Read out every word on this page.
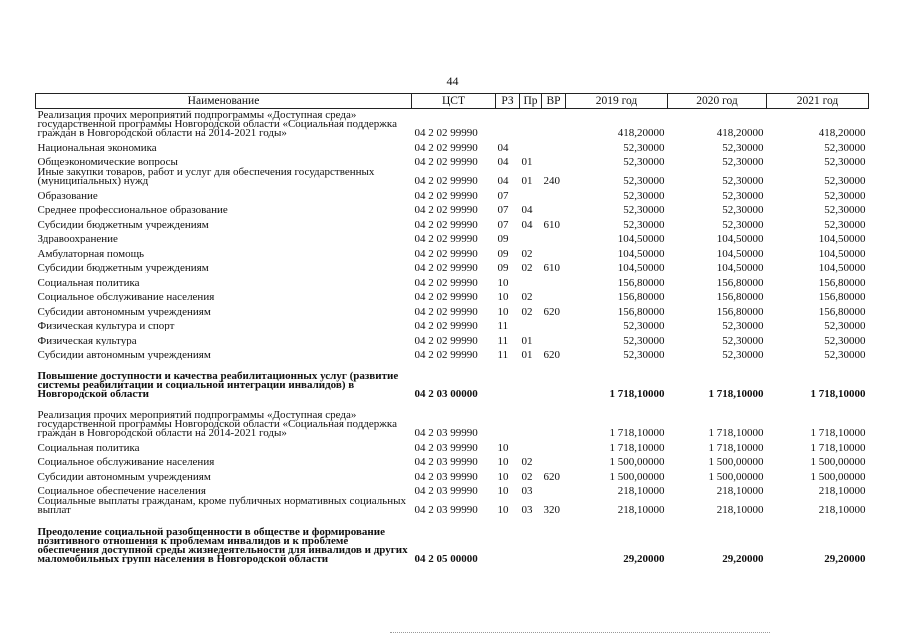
44
Наименование	ЦСТ	РЗ	Пр	ВР	2019 год	2020 год	2021 год
Реализация прочих мероприятий подпрограммы «Доступная среда» государственной программы Новгородской области «Социальная поддержка граждан в Новгородской области на 2014-2021 годы»	04 2 02 99990				418,20000	418,20000	418,20000
Национальная экономика	04 2 02 99990	04			52,30000	52,30000	52,30000
Общеэкономические вопросы	04 2 02 99990	04	01		52,30000	52,30000	52,30000
Иные закупки товаров, работ и услуг для обеспечения государственных (муниципальных) нужд	04 2 02 99990	04	01	240	52,30000	52,30000	52,30000
Образование	04 2 02 99990	07			52,30000	52,30000	52,30000
Среднее профессиональное образование	04 2 02 99990	07	04		52,30000	52,30000	52,30000
Субсидии бюджетным учреждениям	04 2 02 99990	07	04	610	52,30000	52,30000	52,30000
Здравоохранение	04 2 02 99990	09			104,50000	104,50000	104,50000
Амбулаторная помощь	04 2 02 99990	09	02		104,50000	104,50000	104,50000
Субсидии бюджетным учреждениям	04 2 02 99990	09	02	610	104,50000	104,50000	104,50000
Социальная политика	04 2 02 99990	10			156,80000	156,80000	156,80000
Социальное обслуживание населения	04 2 02 99990	10	02		156,80000	156,80000	156,80000
Субсидии автономным учреждениям	04 2 02 99990	10	02	620	156,80000	156,80000	156,80000
Физическая культура и спорт	04 2 02 99990	11			52,30000	52,30000	52,30000
Физическая культура	04 2 02 99990	11	01		52,30000	52,30000	52,30000
Субсидии автономным учреждениям	04 2 02 99990	11	01	620	52,30000	52,30000	52,30000
Повышение доступности и качества реабилитационных услуг (развитие системы реабилитации и социальной интеграции инвалидов) в Новгородской области	04 2 03 00000				1 718,10000	1 718,10000	1 718,10000
Реализация прочих мероприятий подпрограммы «Доступная среда» государственной программы Новгородской области «Социальная поддержка граждан в Новгородской области на 2014-2021 годы»	04 2 03 99990				1 718,10000	1 718,10000	1 718,10000
Социальная политика	04 2 03 99990	10			1 718,10000	1 718,10000	1 718,10000
Социальное обслуживание населения	04 2 03 99990	10	02		1 500,00000	1 500,00000	1 500,00000
Субсидии автономным учреждениям	04 2 03 99990	10	02	620	1 500,00000	1 500,00000	1 500,00000
Социальное обеспечение населения	04 2 03 99990	10	03		218,10000	218,10000	218,10000
Социальные выплаты гражданам, кроме публичных нормативных социальных выплат	04 2 03 99990	10	03	320	218,10000	218,10000	218,10000
Преодоление социальной разобщенности в обществе и формирование позитивного отношения к проблемам инвалидов и к проблеме обеспечения доступной среды жизнедеятельности для инвалидов и других маломобильных групп населения в Новгородской области	04 2 05 00000				29,20000	29,20000	29,20000
